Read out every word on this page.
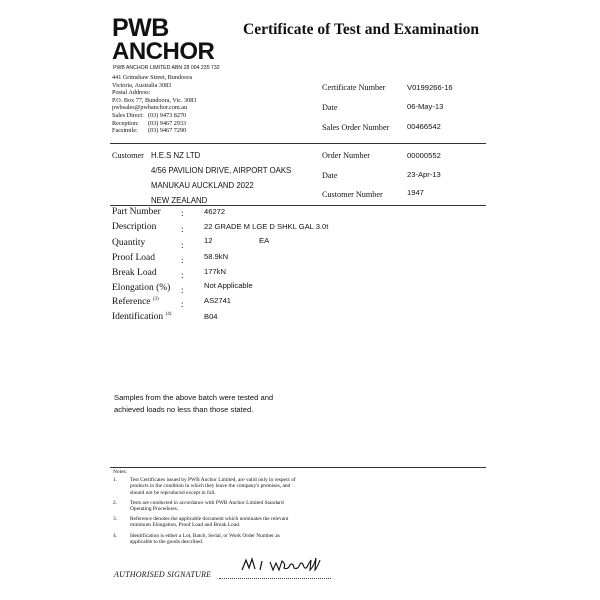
PWB
ANCHOR
PWB ANCHOR LIMITED ABN 28 004 235 732
441 Grimshaw Street, Bundoora
Victoria, Australia 3083
Postal Address:
P.O. Box 77, Bundoora, Vic. 3083
pwbsales@pwbanchor.com.au
Sales Direct: (03) 9473 8270
Reception:	(03) 9467 2933
Facsimile:	(03) 9467 7290
Certificate of Test and Examination
Certificate Number	V0199266-16
Date	06-May-13
Sales Order Number 00466542
Customer H.E.S NZ LTD
4/56 PAVILION DRIVE, AIRPORT OAKS
MANUKAU AUCKLAND 2022
NEW ZEALAND
Order Number	00000552
Date	23-Apr-13
Customer Number	1947
Part Number :	46272
Description	:	22 GRADE M LGE D SHKL GAL 3.0t
Quantity	:	12	EA
Proof Load	:	58.9kN
Break Load	:	177kN
Elongation (%) :	Not Applicable
Reference $^{(3)}$ :	AS2741
Identification $^{(4)}$	B04
Samples from the above batch were tested and
achieved loads no less than those stated.
Notes:
1.	Test Certificates issued by PWB Anchor Limited, are valid only in respect of
products in the condition in which they leave the company's premises, and
should not be reproduced except in full.
2.	Tests are conducted in accordance with PWB Anchor Limited Standard
Operating Procedures.
3.	Reference denotes the applicable document which nominates the relevant
minimum Elongation, Proof Load and Break Load.
4.	Identification is either a Lot, Batch, Serial, or Work Order Number as
applicable to the goods described.
AUTHORISED SIGNATURE
